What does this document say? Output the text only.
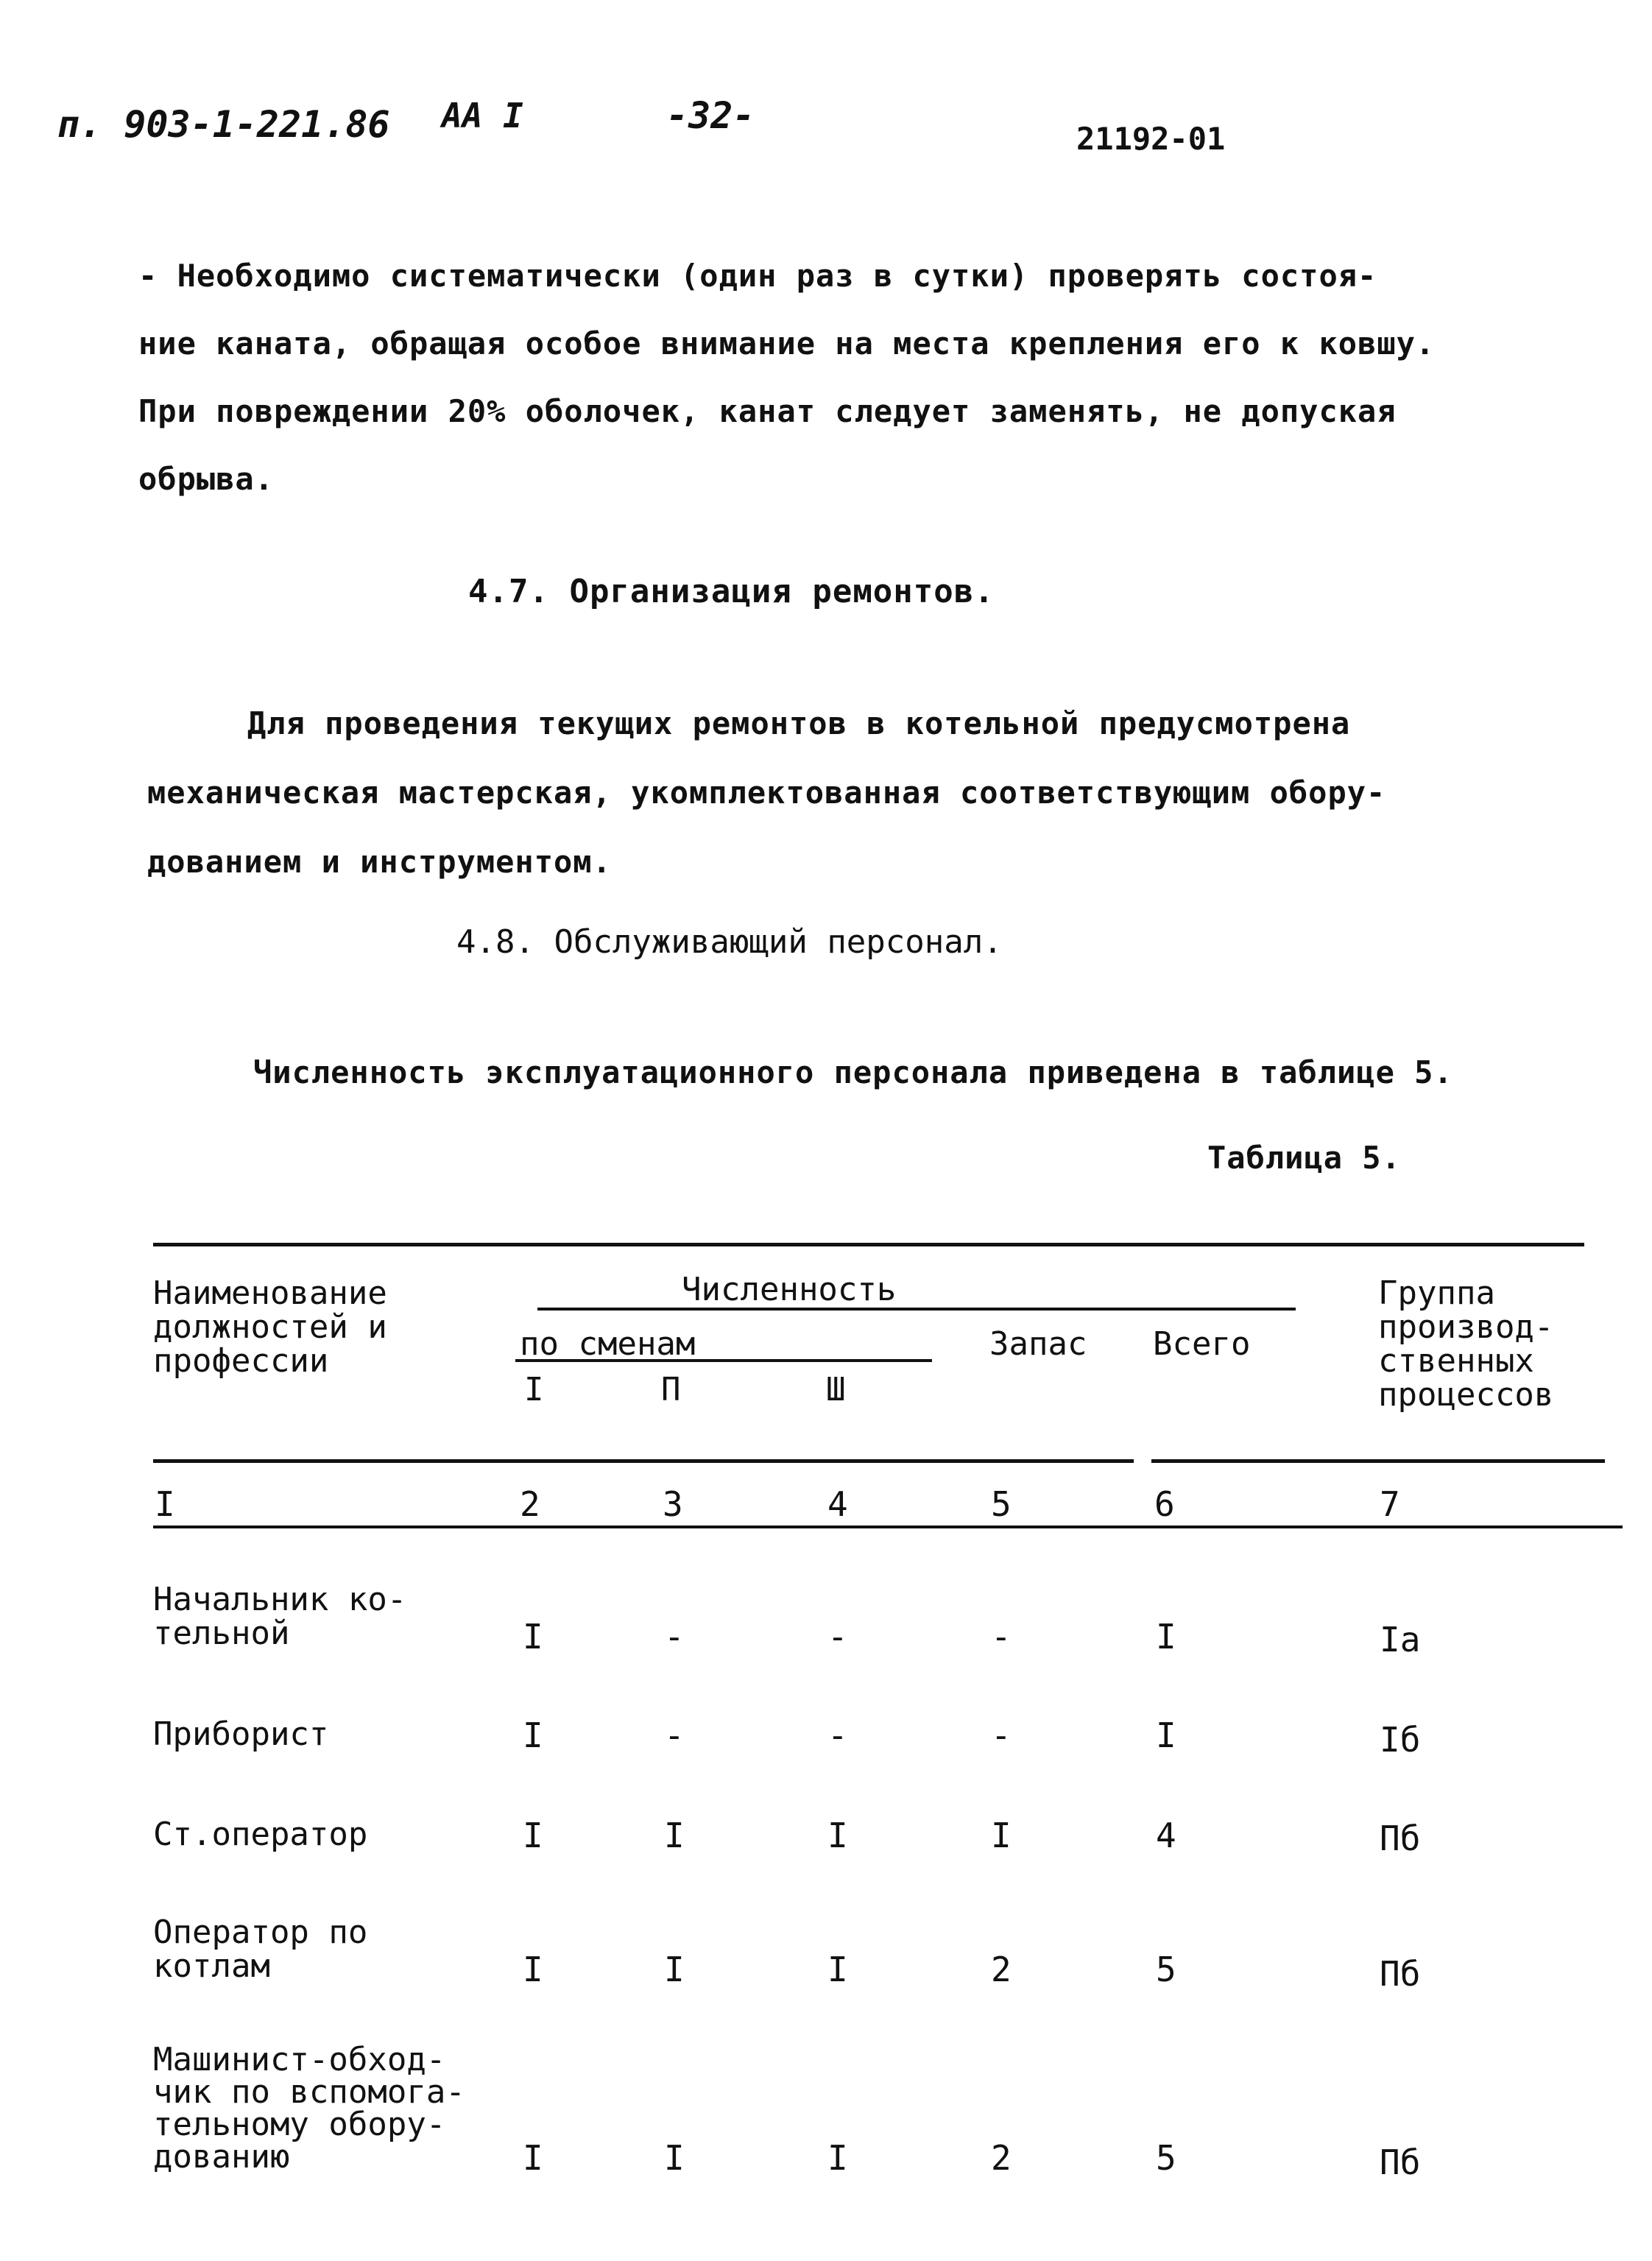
п. 903-1-221.86 АА I	-32-
21192-01
- Необходимо систематически (один раз в сутки) проверять состоя-
ние каната, обращая особое внимание на места крепления его к ковшу.
При повреждении 20% оболочек, канат следует заменять, не допуская
обрыва.
4.7. Организация ремонтов.
Для проведения текущих ремонтов в котельной предусмотрена
механическая мастерская, укомплектованная соответствующим обору-
дованием и инструментом.
4.8. Обслуживающий персонал.
Численность эксплуатационного персонала приведена в таблице 5.
Таблица 5.
Наименование
должностей и
профессии
Численность
по сменам
I	П	Ш
Запас Всего
Группа
производ-
ственных
процессов
I	2	3	4	5	6	7
Начальник ко-
тельной	I	-	-	-	I	Iа
Приборист	I	-	-	-	I	Iб
Ст.оператор	I	I	I	I	4	Пб
Оператор по
котлам	I	I	I	2	5	Пб
Машинист-обход-
чик по вспомога-
тельному обору-
дованию	I	I	I	2	5	Пб
